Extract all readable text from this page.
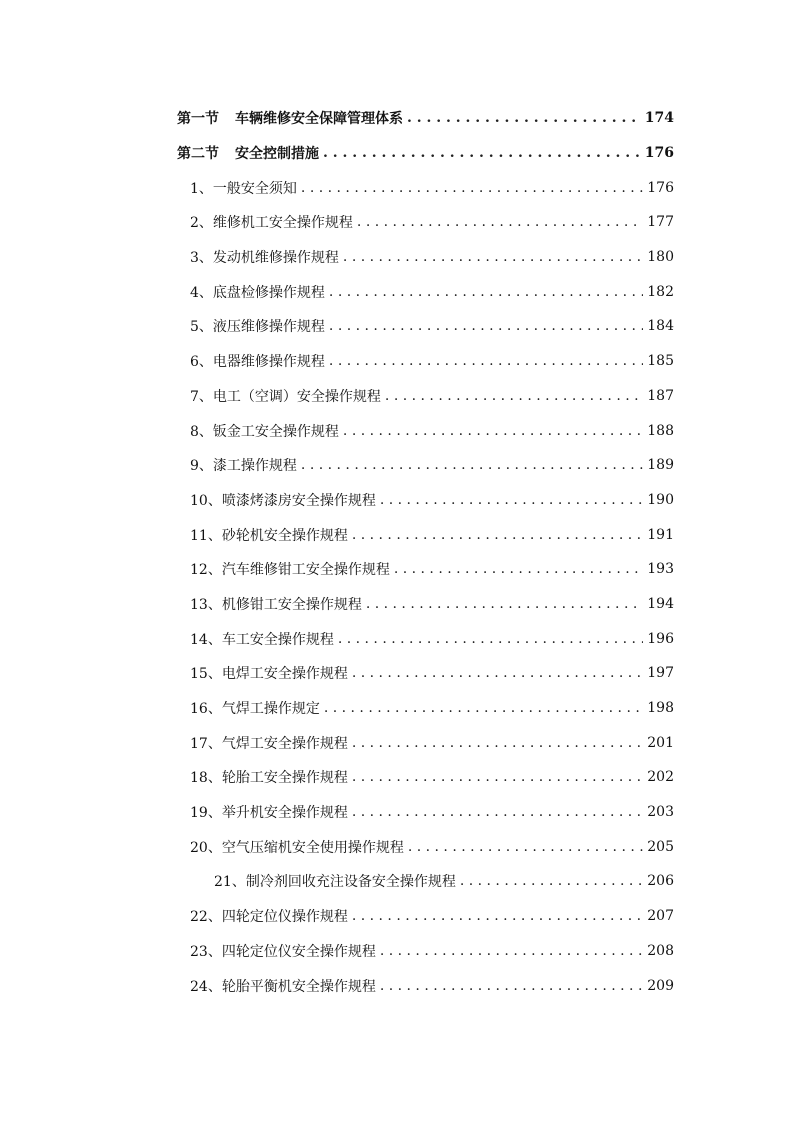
第一节 车辆维修安全保障管理体系 . . .	174
第二节 安全控制措施 . . .	176
1、一般安全须知 . . .	176
2、维修机工安全操作规程 . . .	177
3、发动机维修操作规程 . . .	180
4、底盘检修操作规程 . . .	182
5、液压维修操作规程 . . .	184
6、电器维修操作规程 . . .	185
7、电工（空调）安全操作规程 . . .	187
8、钣金工安全操作规程 . . .	188
9、漆工操作规程 . . .	189
10、喷漆烤漆房安全操作规程 . . .	190
11、砂轮机安全操作规程 . . .	191
12、汽车维修钳工安全操作规程 . . .	193
13、机修钳工安全操作规程 . . .	194
14、车工安全操作规程 . . .	196
15、电焊工安全操作规程 . . .	197
16、气焊工操作规定 . . .	198
17、气焊工安全操作规程 . . .	201
18、轮胎工安全操作规程 . . .	202
19、举升机安全操作规程 . . .	203
20、空气压缩机安全使用操作规程 . . .	205
21、制冷剂回收充注设备安全操作规程 . . .	206
22、四轮定位仪操作规程 . . .	207
23、四轮定位仪安全操作规程 . . .	208
24、轮胎平衡机安全操作规程 . . .	209
